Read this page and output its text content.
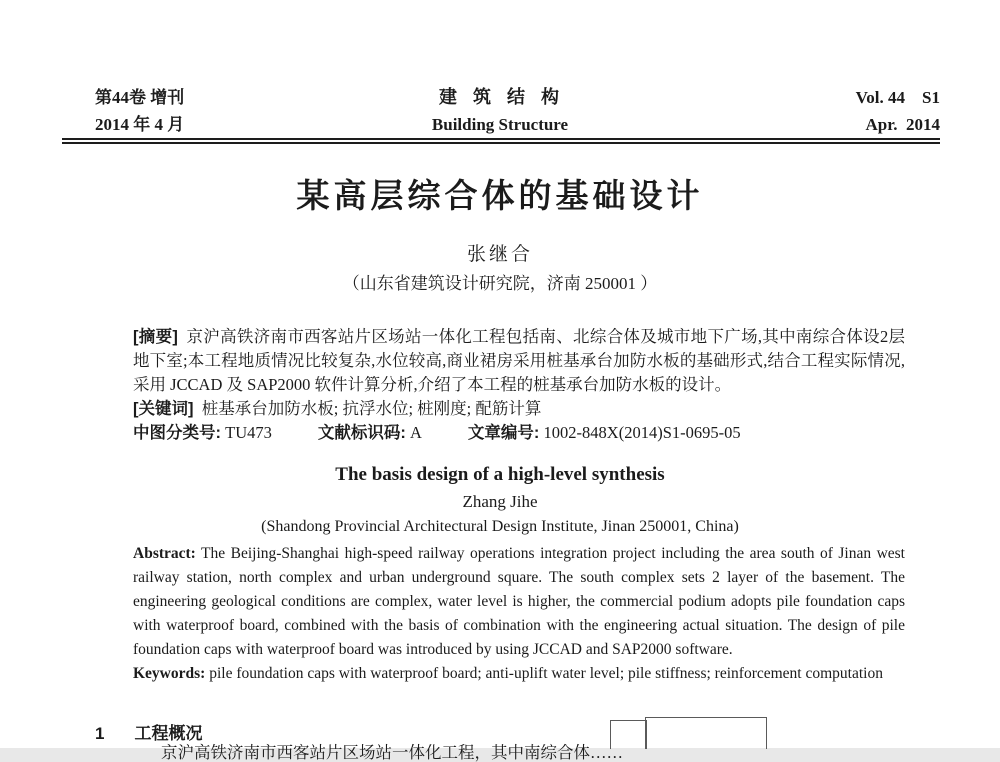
第44卷 增刊
2014 年 4 月
建  筑  结  构
Building Structure
Vol. 44    S1
Apr.  2014
某高层综合体的基础设计
张继合
（山东省建筑设计研究院，济南 250001 ）

[摘要]  京沪高铁济南市西客站片区场站一体化工程包括南、北综合体及城市地下广场,其中南综合体设2层地下室;本工程地质情况比较复杂,水位较高,商业裙房采用桩基承台加防水板的基础形式,结合工程实际情况,采用 JCCAD 及 SAP2000 软件计算分析,介绍了本工程的桩基承台加防水板的设计。

[关键词]  桩基承台加防水板; 抗浮水位; 桩刚度; 配筋计算

中图分类号: TU473	文献标识码: A	文章编号: 1002-848X(2014)S1-0695-05

The basis design of a high-level synthesis
Zhang Jihe
(Shandong Provincial Architectural Design Institute, Jinan 250001, China)

Abstract: The Beijing-Shanghai high-speed railway operations integration project including the area south of Jinan west railway station, north complex and urban underground square. The south complex sets 2 layer of the basement. The engineering geological conditions are complex, water level is higher, the commercial podium adopts pile foundation caps with waterproof board, combined with the basis of combination with the engineering actual situation. The design of pile foundation caps with waterproof board was introduced by using JCCAD and SAP2000 software.

Keywords: pile foundation caps with waterproof board; anti-uplift water level; pile stiffness; reinforcement computation

1 工程概况
京沪高铁济南市西客站片区场站一体化工程，其中南综合体……
